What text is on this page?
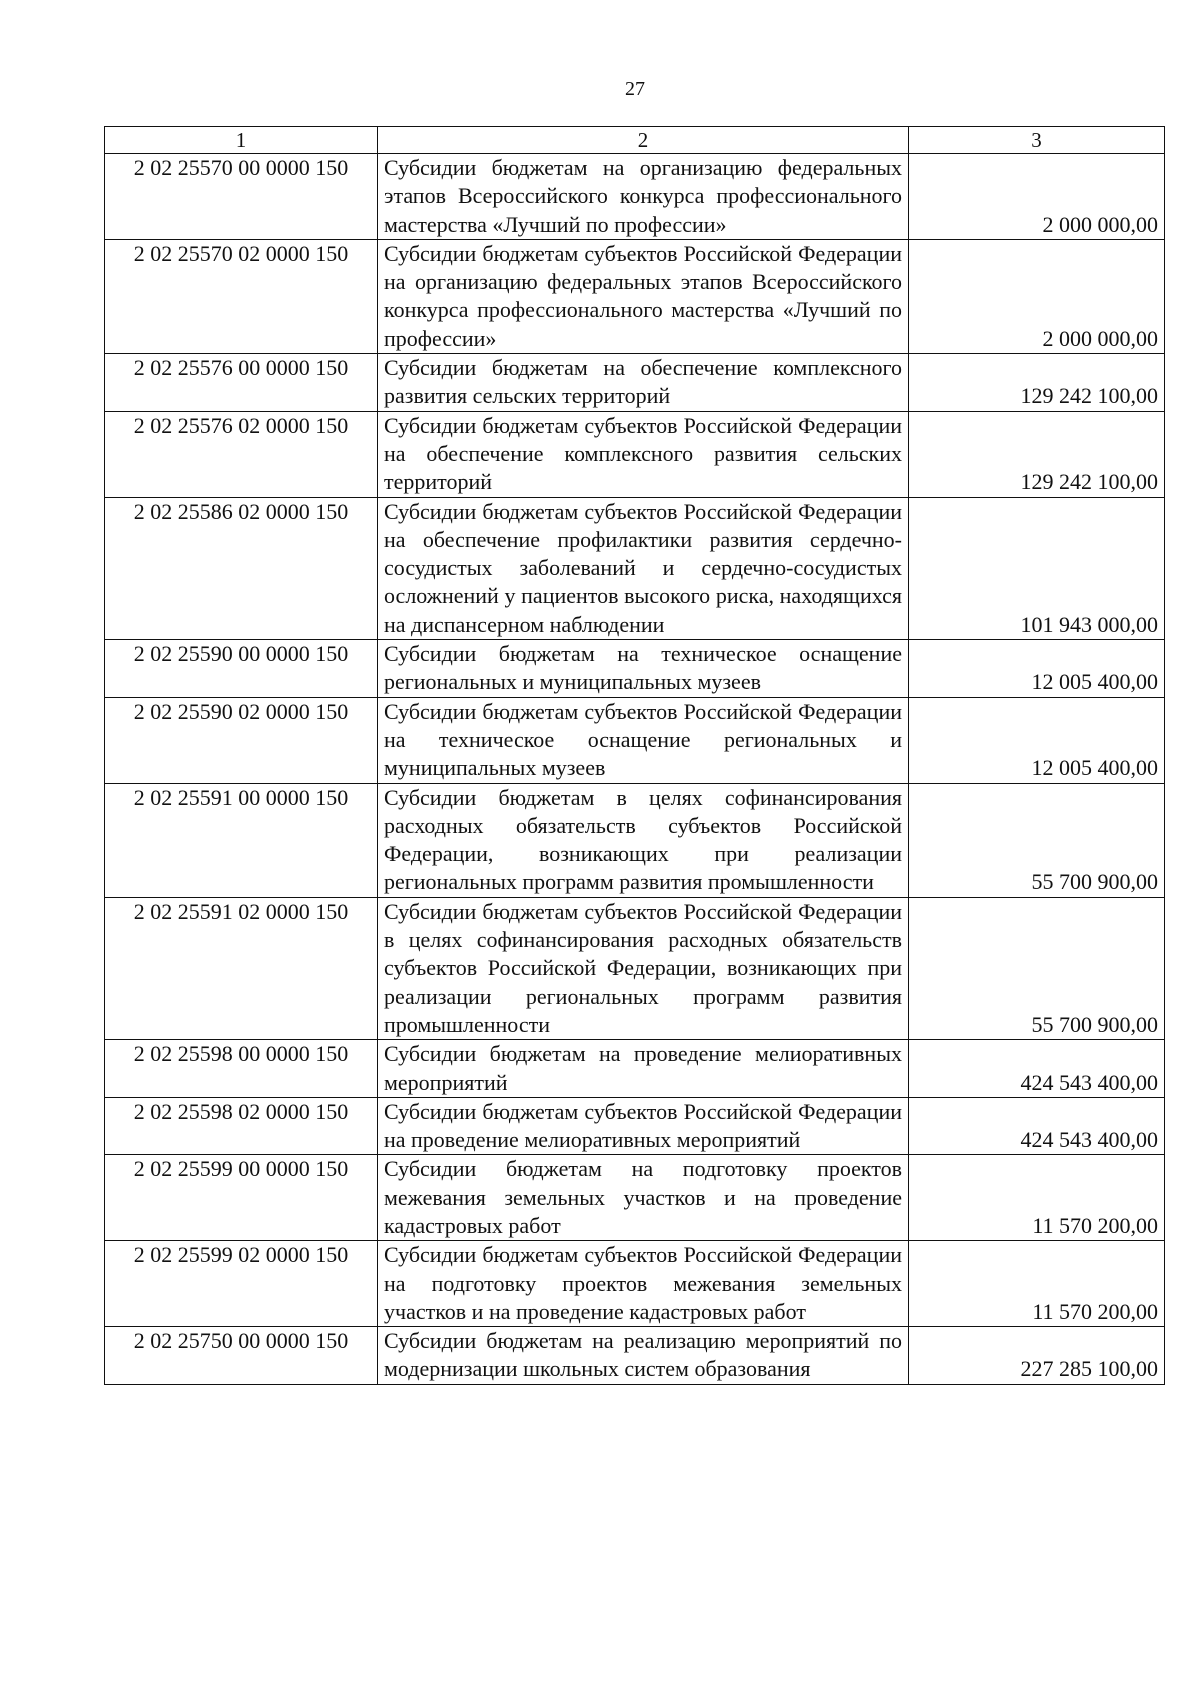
27
1	2	3
2 02 25570 00 0000 150	Субсидии бюджетам на организацию федеральных этапов Всероссийского конкурса профессионального мастерства «Лучший по профессии»	2 000 000,00
2 02 25570 02 0000 150	Субсидии бюджетам субъектов Российской Федерации на организацию федеральных этапов Всероссийского конкурса профессионального мастерства «Лучший по профессии»	2 000 000,00
2 02 25576 00 0000 150	Субсидии бюджетам на обеспечение комплексного развития сельских территорий	129 242 100,00
2 02 25576 02 0000 150	Субсидии бюджетам субъектов Российской Федерации на обеспечение комплексного развития сельских территорий	129 242 100,00
2 02 25586 02 0000 150	Субсидии бюджетам субъектов Российской Федерации на обеспечение профилактики развития сердечно-сосудистых заболеваний и сердечно-сосудистых осложнений у пациентов высокого риска, находящихся на диспансерном наблюдении	101 943 000,00
2 02 25590 00 0000 150	Субсидии бюджетам на техническое оснащение региональных и муниципальных музеев	12 005 400,00
2 02 25590 02 0000 150	Субсидии бюджетам субъектов Российской Федерации на техническое оснащение региональных и муниципальных музеев	12 005 400,00
2 02 25591 00 0000 150	Субсидии бюджетам в целях софинансирования расходных обязательств субъектов Российской Федерации, возникающих при реализации региональных программ развития промышленности	55 700 900,00
2 02 25591 02 0000 150	Субсидии бюджетам субъектов Российской Федерации в целях софинансирования расходных обязательств субъектов Российской Федерации, возникающих при реализации региональных программ развития промышленности	55 700 900,00
2 02 25598 00 0000 150	Субсидии бюджетам на проведение мелиоративных мероприятий	424 543 400,00
2 02 25598 02 0000 150	Субсидии бюджетам субъектов Российской Федерации на проведение мелиоративных мероприятий	424 543 400,00
2 02 25599 00 0000 150	Субсидии бюджетам на подготовку проектов межевания земельных участков и на проведение кадастровых работ	11 570 200,00
2 02 25599 02 0000 150	Субсидии бюджетам субъектов Российской Федерации на подготовку проектов межевания земельных участков и на проведение кадастровых работ	11 570 200,00
2 02 25750 00 0000 150	Субсидии бюджетам на реализацию мероприятий по модернизации школьных систем образования	227 285 100,00
